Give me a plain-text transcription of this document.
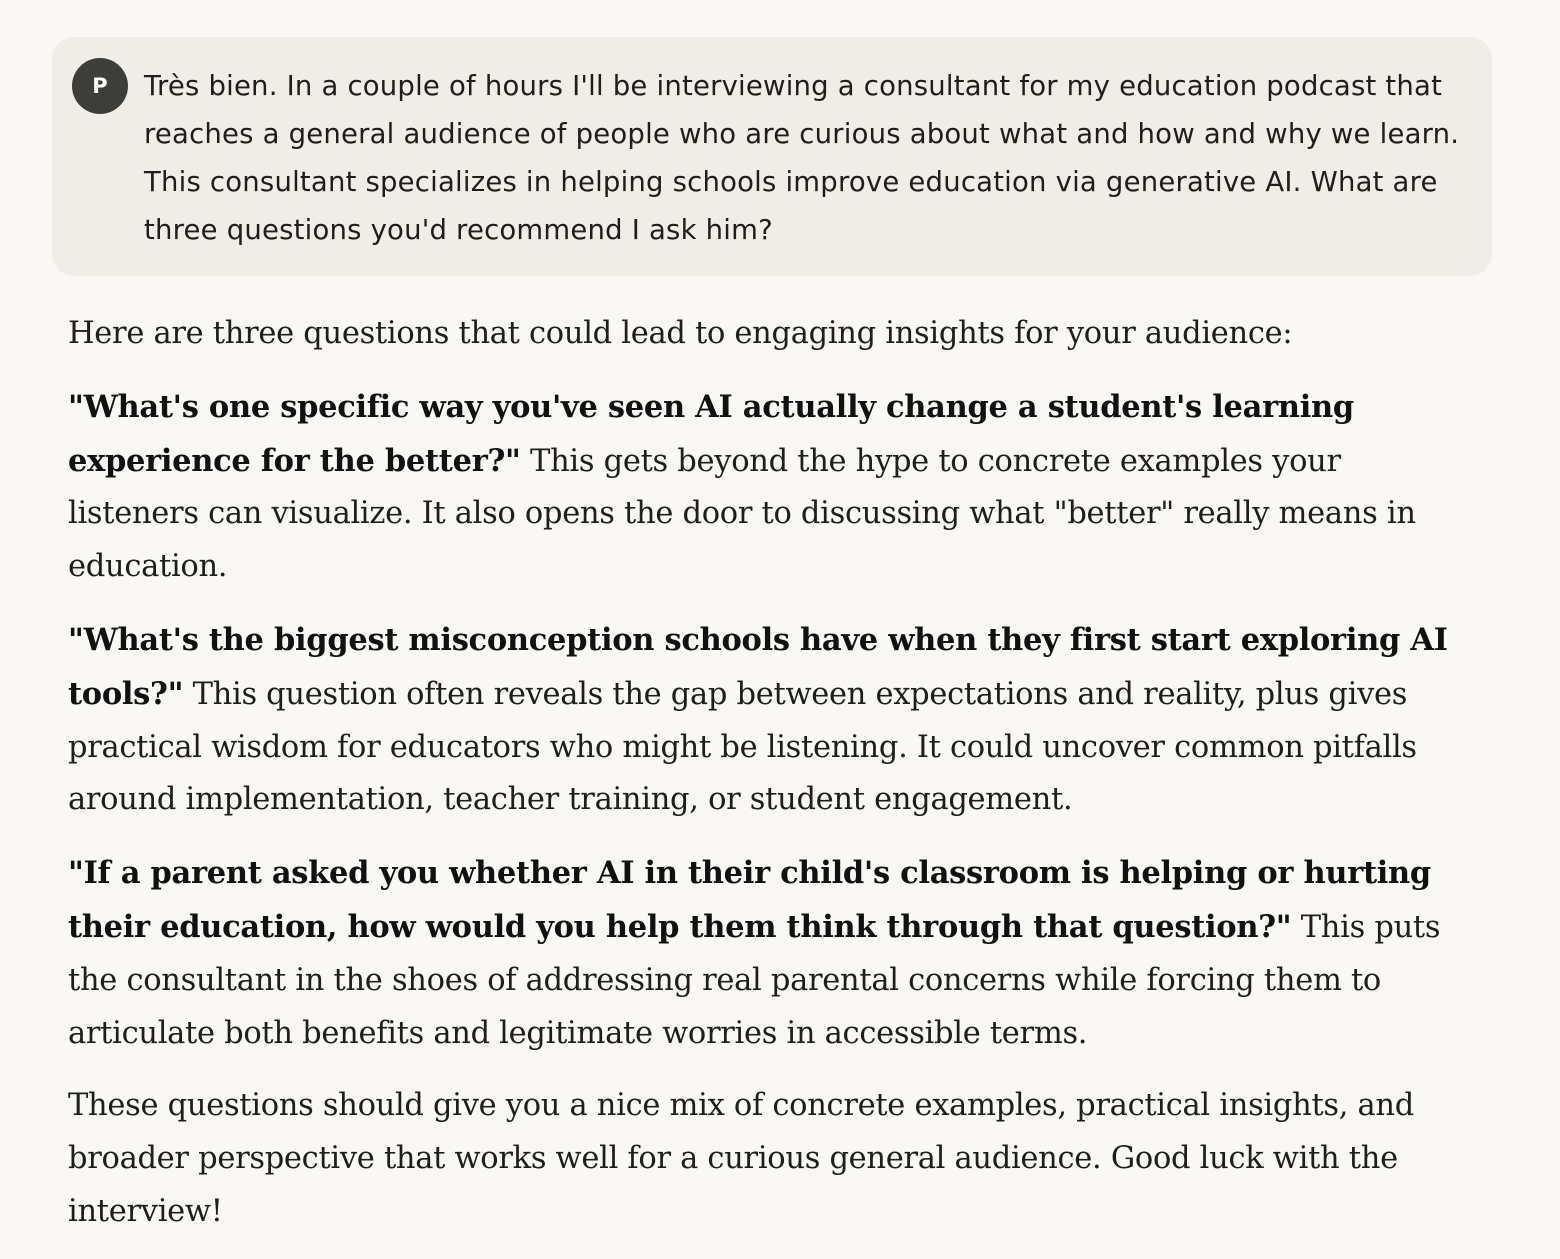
P	Très bien. In a couple of hours I'll be interviewing a consultant for my education podcast that reaches a general audience of people who are curious about what and how and why we learn. This consultant specializes in helping schools improve education via generative AI. What are three questions you'd recommend I ask him?

Here are three questions that could lead to engaging insights for your audience:

"What's one specific way you've seen AI actually change a student's learning experience for the better?" This gets beyond the hype to concrete examples your listeners can visualize. It also opens the door to discussing what "better" really means in education.

"What's the biggest misconception schools have when they first start exploring AI tools?" This question often reveals the gap between expectations and reality, plus gives practical wisdom for educators who might be listening. It could uncover common pitfalls around implementation, teacher training, or student engagement.

"If a parent asked you whether AI in their child's classroom is helping or hurting their education, how would you help them think through that question?" This puts the consultant in the shoes of addressing real parental concerns while forcing them to articulate both benefits and legitimate worries in accessible terms.

These questions should give you a nice mix of concrete examples, practical insights, and broader perspective that works well for a curious general audience. Good luck with the interview!
